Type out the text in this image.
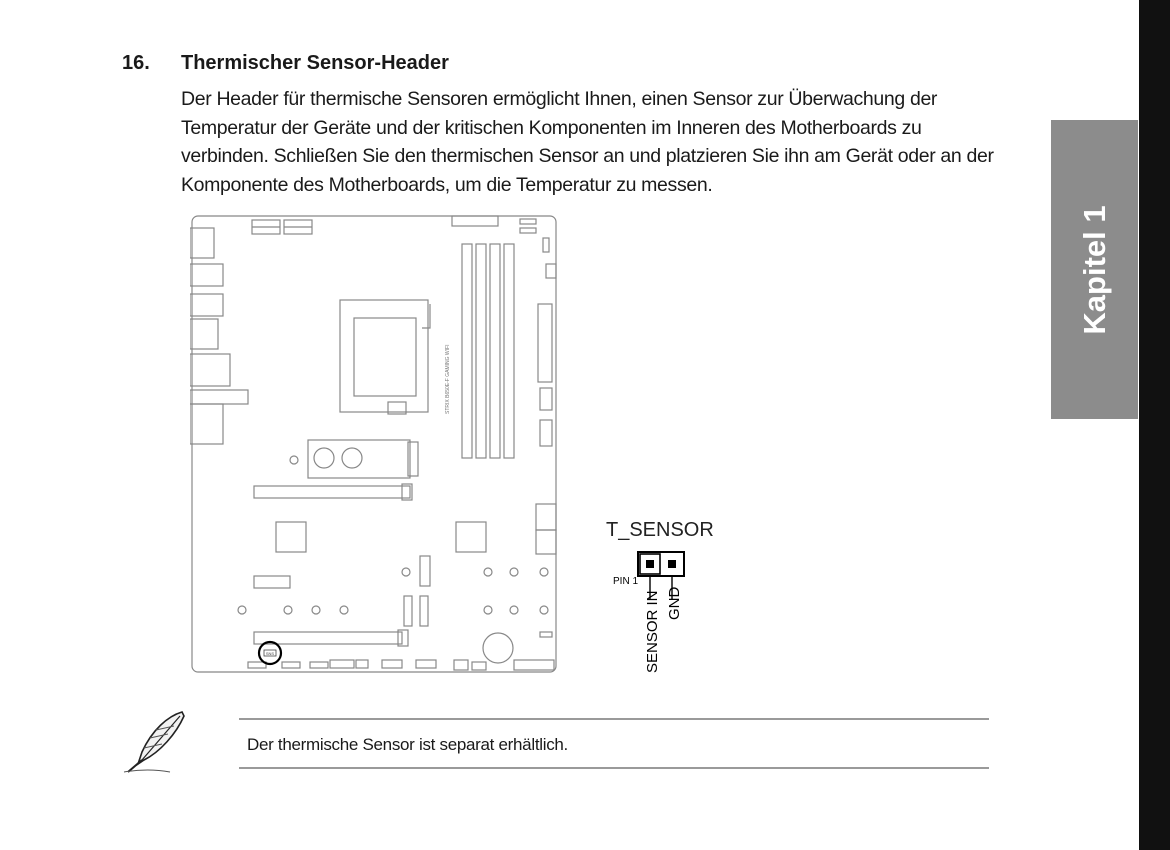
Kapitel 1
16. Thermischer Sensor-Header

Der Header für thermische Sensoren ermöglicht Ihnen, einen Sensor zur Überwachung der Temperatur der Geräte und der kritischen Komponenten im Inneren des Motherboards zu verbinden. Schließen Sie den thermischen Sensor an und platzieren Sie ihn am Gerät oder an der Komponente des Motherboards, um die Temperatur zu messen.

STRIX B650E-F GAMING WIFI
SNS
T_SENSOR
PIN 1
SENSOR IN GND
Der thermische Sensor ist separat erhältlich.
